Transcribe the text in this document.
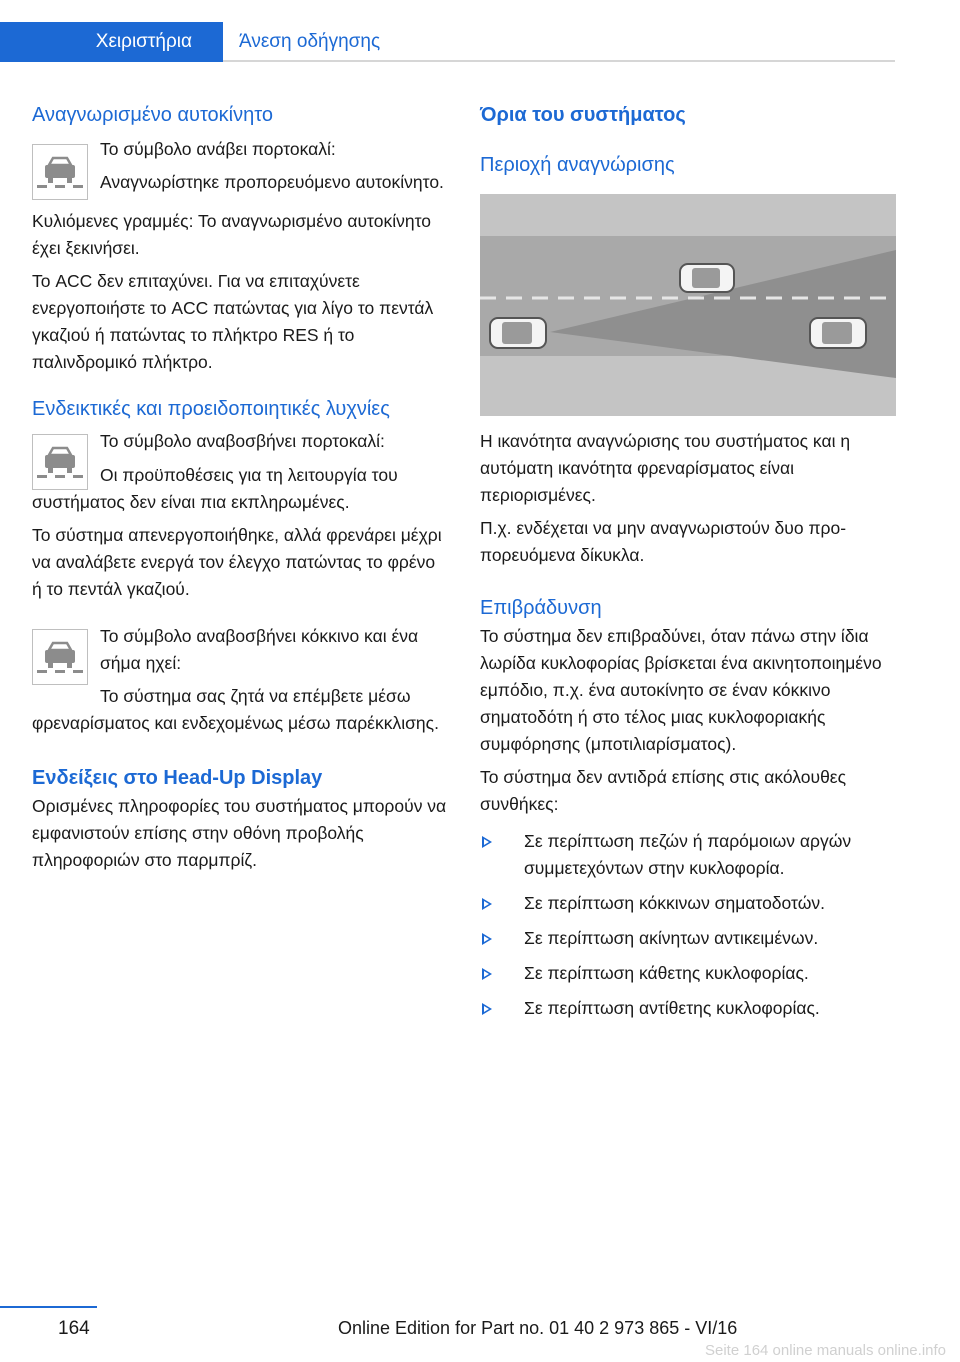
Χειριστήρια Άνεση οδήγησης
Αναγνωρισμένο αυτοκίνητο

Το σύμβολο ανάβει πορτοκαλί:

Αναγνωρίστηκε προπορευόμενο αυτοκίνητο.

Κυλιόμενες γραμμές: Το αναγνωρισμένο αυτοκίνητο έχει ξεκινήσει.

Το ACC δεν επιταχύνει. Για να επιταχύνετε ενεργοποιήστε το ACC πατώντας για λίγο το πεντάλ γκαζιού ή πατώντας το πλήκτρο RES ή το παλινδρομικό πλήκτρο.

Ενδεικτικές και προειδοποιητικές λυχνίες

Το σύμβολο αναβοσβήνει πορτοκαλί:

Οι προϋποθέσεις για τη λειτουργία του συστήματος δεν είναι πια εκπληρωμένες.

Το σύστημα απενεργοποιήθηκε, αλλά φρενάρει μέχρι να αναλάβετε ενεργά τον έλεγχο πατώντας το φρένο ή το πεντάλ γκαζιού.

Το σύμβολο αναβοσβήνει κόκκινο και ένα σήμα ηχεί:

Το σύστημα σας ζητά να επέμβετε μέσω φρεναρίσματος και ενδεχομένως μέσω παρέκκλισης.

Ενδείξεις στο Head-Up Display

Ορισμένες πληροφορίες του συστήματος μπορούν να εμφανιστούν επίσης στην οθόνη προβολής πληροφοριών στο παρμπρίζ.

Όρια του συστήματος
Περιοχή αναγνώρισης

Η ικανότητα αναγνώρισης του συστήματος και η αυτόματη ικανότητα φρεναρίσματος είναι περιορισμένες.

Π.χ. ενδέχεται να μην αναγνωριστούν δυο προπορευόμενα δίκυκλα.

Επιβράδυνση

Το σύστημα δεν επιβραδύνει, όταν πάνω στην ίδια λωρίδα κυκλοφορίας βρίσκεται ένα ακινητοποιημένο εμπόδιο, π.χ. ένα αυτοκίνητο σε έναν κόκκινο σηματοδότη ή στο τέλος μιας κυκλοφοριακής συμφόρησης (μποτιλιαρίσματος).

Το σύστημα δεν αντιδρά επίσης στις ακόλουθες συνθήκες:

Σε περίπτωση πεζών ή παρόμοιων αργών συμμετεχόντων στην κυκλοφορία.
Σε περίπτωση κόκκινων σηματοδοτών.
Σε περίπτωση ακίνητων αντικειμένων.
Σε περίπτωση κάθετης κυκλοφορίας.
Σε περίπτωση αντίθετης κυκλοφορίας.
164	Online Edition for Part no. 01 40 2 973 865 - VI/16
Seite 164 online manuals online.info
